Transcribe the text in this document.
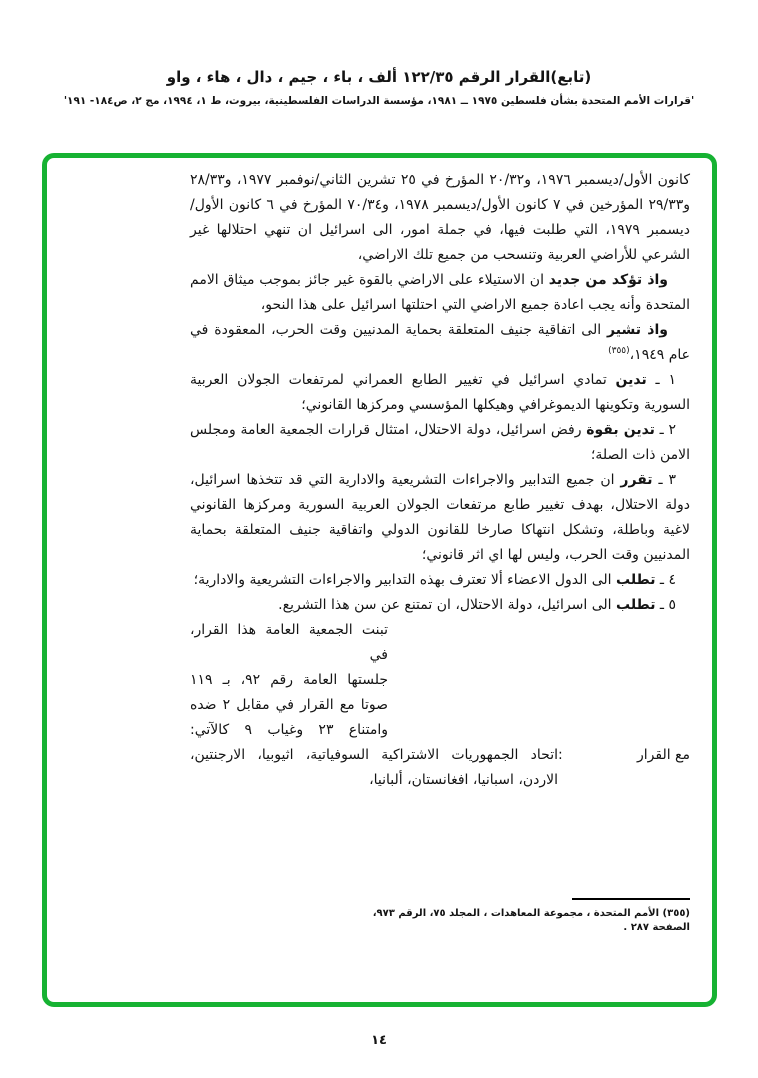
(تابع)القرار الرقم ١٢٢/٣٥ ألف ، باء ، جيم ، دال ، هاء ، واو
'قرارات الأمم المتحدة بشأن فلسطين ١٩٧٥ ــ ١٩٨١، مؤسسة الدراسات الفلسطينية، بيروت، ط ١، ١٩٩٤، مج ٢، ص١٨٤- ١٩١'

كانون الأول/ديسمبر ١٩٧٦، و٢٠/٣٢ المؤرخ في ٢٥ تشرين الثاني/نوفمبر ١٩٧٧، و٢٨/٣٣ و٢٩/٣٣ المؤرخين في ٧ كانون الأول/ديسمبر ١٩٧٨، و٧٠/٣٤ المؤرخ في ٦ كانون الأول/ديسمبر ١٩٧٩، التي طلبت فيها، في جملة امور، الى اسرائيل ان تنهي احتلالها غير الشرعي للأراضي العربية وتنسحب من جميع تلك الاراضي،

واذ تؤكد من جديد ان الاستيلاء على الاراضي بالقوة غير جائز بموجب ميثاق الامم المتحدة وأنه يجب اعادة جميع الاراضي التي احتلتها اسرائيل على هذا النحو،

واذ تشير الى اتفاقية جنيف المتعلقة بحماية المدنيين وقت الحرب، المعقودة في عام ١٩٤٩،$^{(٣٥٥)}$

١ ـ تدين تمادي اسرائيل في تغيير الطابع العمراني لمرتفعات الجولان العربية السورية وتكوينها الديموغرافي وهيكلها المؤسسي ومركزها القانوني؛

٢ ـ تدين بقوة رفض اسرائيل، دولة الاحتلال، امتثال قرارات الجمعية العامة ومجلس الامن ذات الصلة؛

٣ ـ تقرر ان جميع التدابير والاجراءات التشريعية والادارية التي قد تتخذها اسرائيل، دولة الاحتلال، بهدف تغيير طابع مرتفعات الجولان العربية السورية ومركزها القانوني لاغية وباطلة، وتشكل انتهاكا صارخا للقانون الدولي واتفاقية جنيف المتعلقة بحماية المدنيين وقت الحرب، وليس لها اي اثر قانوني؛

٤ ـ تطلب الى الدول الاعضاء ألا تعترف بهذه التدابير والاجراءات التشريعية والادارية؛

٥ ـ تطلب الى اسرائيل، دولة الاحتلال، ان تمتنع عن سن هذا التشريع.

تبنت الجمعية العامة هذا القرار، في
جلستها العامة رقم ٩٢، بـ ١١٩
صوتا مع القرار في مقابل ٢ ضده
وامتناع ٢٣ وغياب ٩ كالآتي:
مع القرار
:
اتحاد الجمهوريات الاشتراكية السوفياتية، اثيوبيا، الارجنتين، الاردن، اسبانيا، افغانستان، ألبانيا،
(٣٥٥) الأمم المتحدة ، مجموعة المعاهدات ، المجلد ٧٥، الرقم ٩٧٣، الصفحة ٢٨٧ .
١٤
